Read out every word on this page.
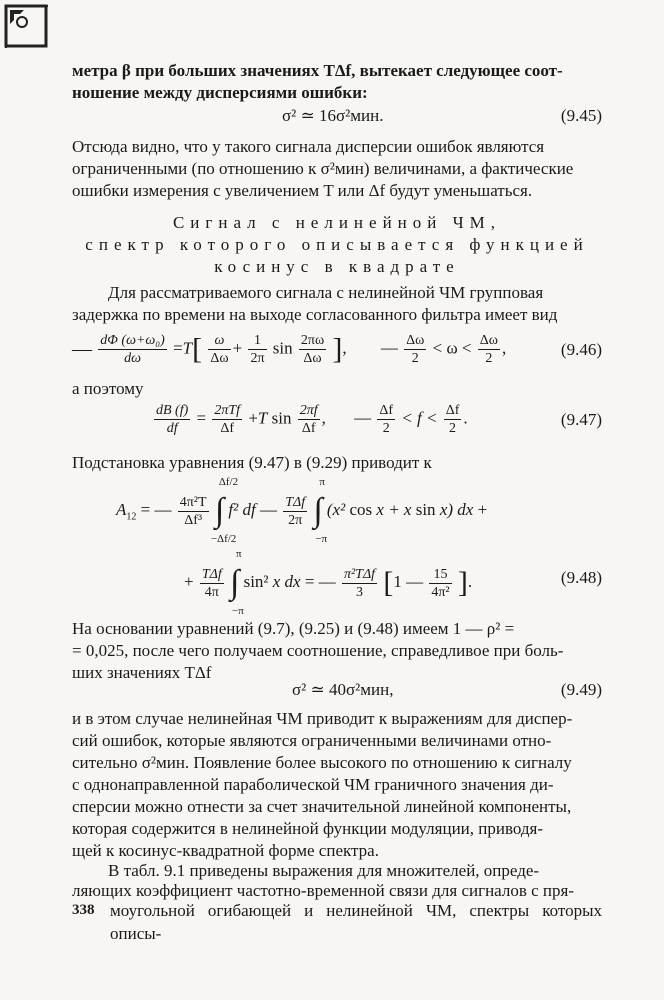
метра β при больших значениях TΔf, вытекает следующее соот-

ношение между дисперсиями ошибки:

σ² ≃ 16σ²мин.	(9.45)

Отсюда видно, что у такого сигнала дисперсии ошибок являются

ограниченными (по отношению к σ²мин) величинами, а фактические

ошибки измерения с увеличением T или Δf будут уменьшаться.

Сигнал с нелинейной ЧМ,

спектр которого описывается функцией

косинус в квадрате

Для рассматриваемого сигнала с нелинейной ЧМ групповая

задержка по времени на выходе согласованного фильтра имеет вид

— $\frac{\text{dΦ (ω+ω₀)}}{d\omega} =T[ \frac{\omega}{\Delta\omega} + \frac{1}{2\pi}$ $\sin \frac{2\pi\omega}{\Delta\omega}$ ], — $\frac{\Delta\omega}{2} < \omega < \frac{\Delta\omega}{2}$ ,	(9.46)

а поэтому

$\frac{dB (f)}{df} = \frac{\text{2πTf}}{\Delta f} +T$ $\sin \frac{2\pi f}{\Delta f}$ , — $\frac{\Delta f}{2} < f < \frac{\Delta f}{2}$ .	(9.47)

Подстановка уравнения (9.47) в (9.29) приводит к

$A_{12}$ = — $\frac{\text{4π²T}}{\text{Δf³}}$ ∫
Δf/2
−Δf/2
f² df — $\frac{\text{TΔf}}{2\pi}$ ∫
π
−π
(x² cos x + x sin x) dx +
+ $\frac{\text{TΔf}}{4\pi}$ ∫
π
−π
sin² x dx = — $\frac{\text{π²TΔf}}{3} [1$ — $\frac{15}{\text{4π²}}$ ].	(9.48)

На основании уравнений (9.7), (9.25) и (9.48) имеем 1 — ρ² =

= 0,025, после чего получаем соотношение, справедливое при боль-

ших значениях TΔf

σ² ≃ 40σ²мин,	(9.49)

и в этом случае нелинейная ЧМ приводит к выражениям для диспер-

сий ошибок, которые являются ограниченными величинами отно-

сительно σ²мин. Появление более высокого по отношению к сигналу

с однонаправленной параболической ЧМ граничного значения ди-

сперсии можно отнести за счет значительной линейной компоненты,

которая содержится в нелинейной функции модуляции, приводя-

щей к косинус-квадратной форме спектра.

В табл. 9.1 приведены выражения для множителей, опреде-

ляющих коэффициент частотно-временной связи для сигналов с пря-

моугольной огибающей и нелинейной ЧМ, спектры которых описы-

338
